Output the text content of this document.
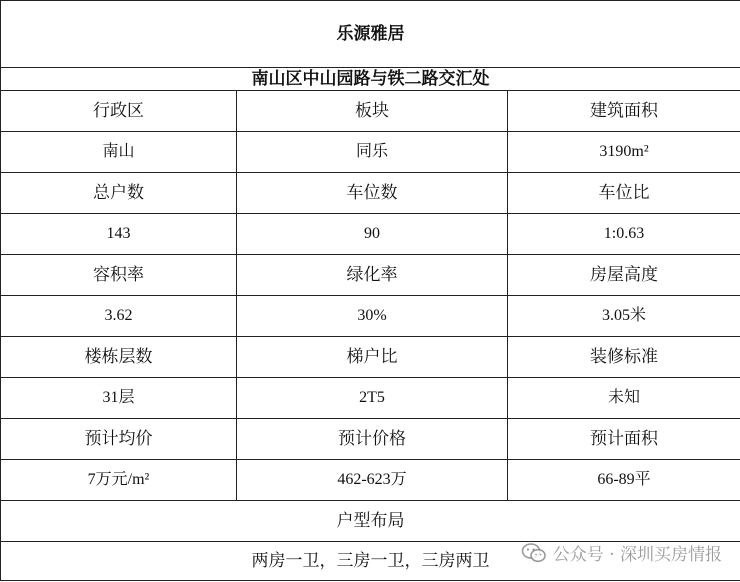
乐源雅居		
南山区中山园路与铁二路交汇处		
行政区	板块	建筑面积
南山	同乐	3190m²
总户数	车位数	车位比
143	90	1:0.63
容积率	绿化率	房屋高度
3.62	30%	3.05米
楼栋层数	梯户比	装修标准
31层	2T5	未知
预计均价	预计价格	预计面积
7万元/m²	462-623万	66-89平
户型布局		
两房一卫，三房一卫，三房两卫			公众号 · 深圳买房情报
